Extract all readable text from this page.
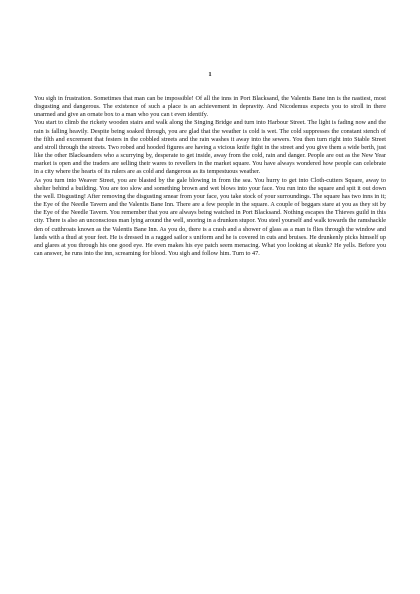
1

You sigh in frustration. Sometimes that man can be impossible! Of all the inns in Port Blacksand, the Valentis Bane inn is the nastiest, most disgusting and dangerous. The existence of such a place is an achievement in depravity. And Nicodemus expects you to stroll in there unarmed and give an ornate box to a man who you can t even identify.

You start to climb the rickety wooden stairs and walk along the Singing Bridge and turn into Harbour Street. The light is fading now and the rain is falling heavily. Despite being soaked through, you are glad that the weather is cold is wet. The cold suppresses the constant stench of the filth and excrement that festers in the cobbled streets and the rain washes it away into the sewers. You then turn right into Stable Street and stroll through the streets. Two robed and hooded figures are having a vicious knife fight in the street and you give them a wide berth, just like the other Blacksanders who a scurrying by, desperate to get inside, away from the cold, rain and danger. People are out as the New Year market is open and the traders are selling their wares to revellers in the market square. You have always wondered how people can celebrate in a city where the hearts of its rulers are as cold and dangerous as its tempestuous weather.

As you turn into Weaver Street, you are blasted by the gale blowing in from the sea. You hurry to get into Cloth-cutters Square, away to shelter behind a building. You are too slow and something brown and wet blows into your face. You run into the square and spit it out down the well. Disgusting! After removing the disgusting smear from your face, you take stock of your surroundings. The square has two inns in it; the Eye of the Needle Tavern and the Valentis Bane Inn. There are a few people in the square. A couple of beggars stare at you as they sit by the Eye of the Needle Tavern. You remember that you are always being watched in Port Blacksand. Nothing escapes the Thieves guild in this city. There is also an unconscious man lying around the well, snoring in a drunken stupor. You steel yourself and walk towards the ramshackle den of cutthroats known as the Valentis Bane Inn. As you do, there is a crash and a shower of glass as a man is flies through the window and lands with a thud at your feet. He is dressed in a ragged sailor s uniform and he is covered in cuts and bruises. He drunkenly picks himself up and glares at you through his one good eye. He even makes his eye patch seem menacing. What yoo looking at skunk? He yells. Before you can answer, he runs into the inn, screaming for blood. You sigh and follow him. Turn to 47.
